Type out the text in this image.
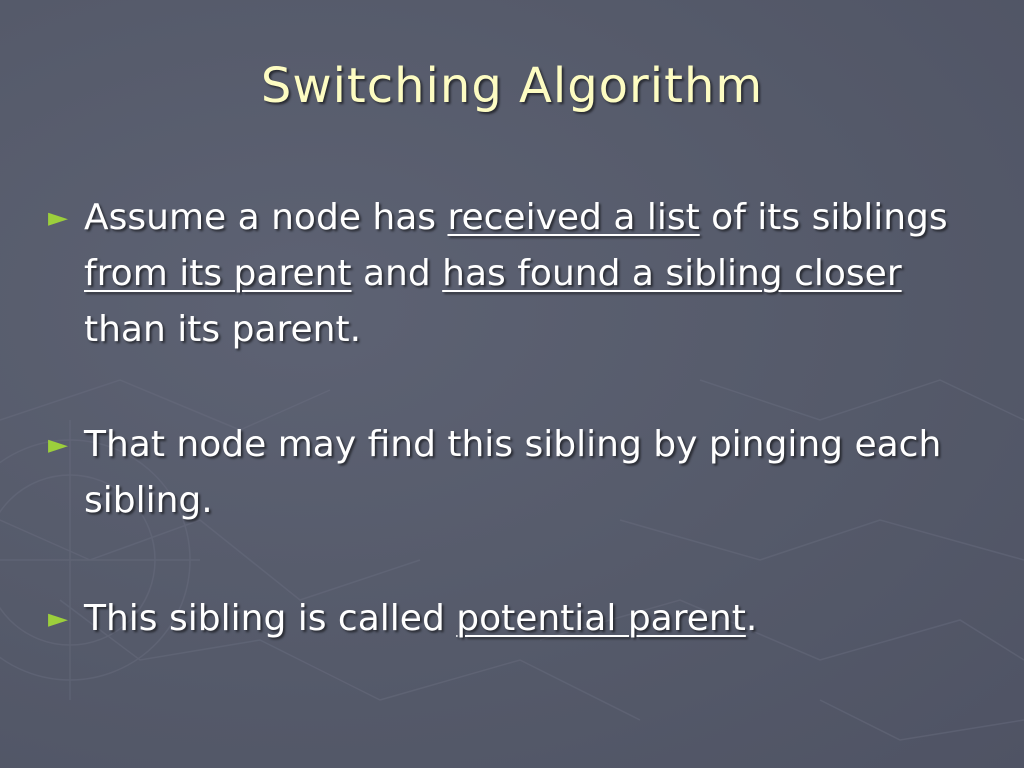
Switching Algorithm
► Assume a node has received a list of its siblings from its parent and has found a sibling closer than its parent.
► That node may find this sibling by pinging each sibling.
► This sibling is called potential parent.
